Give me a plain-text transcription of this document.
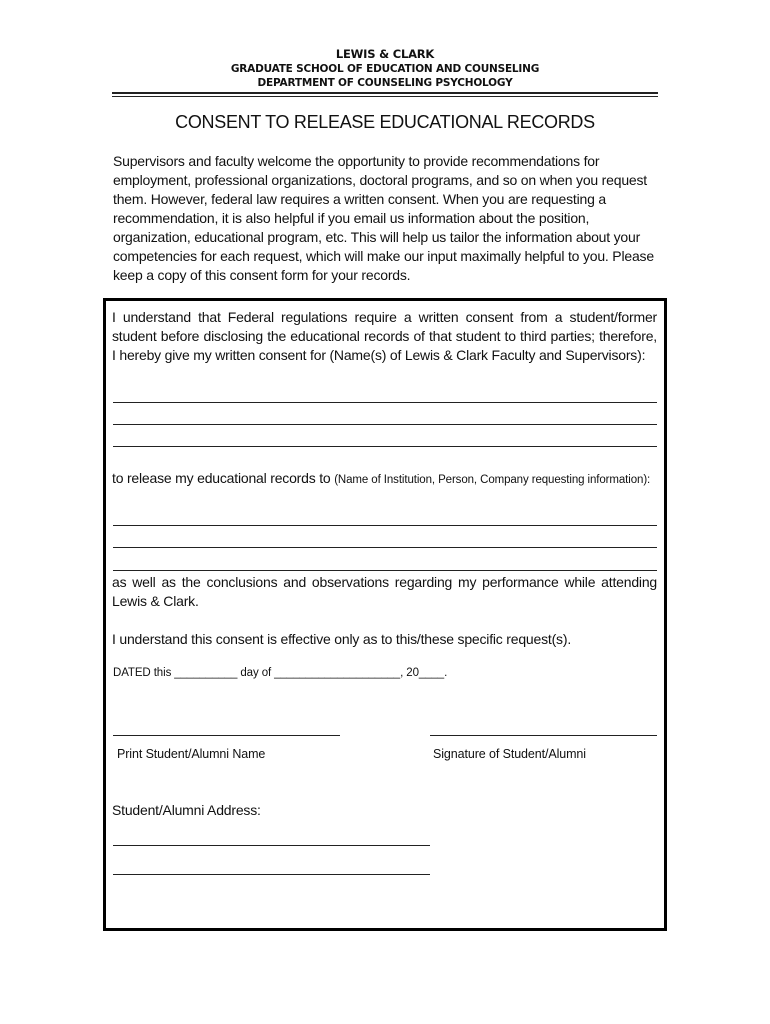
LEWIS & CLARK
GRADUATE SCHOOL OF EDUCATION AND COUNSELING
DEPARTMENT OF COUNSELING PSYCHOLOGY
CONSENT TO RELEASE EDUCATIONAL RECORDS
Supervisors and faculty welcome the opportunity to provide recommendations for employment, professional organizations, doctoral programs, and so on when you request them. However, federal law requires a written consent. When you are requesting a recommendation, it is also helpful if you email us information about the position, organization, educational program, etc. This will help us tailor the information about your competencies for each request, which will make our input maximally helpful to you. Please keep a copy of this consent form for your records.
I understand that Federal regulations require a written consent from a student/former student before disclosing the educational records of that student to third parties; therefore, I hereby give my written consent for (Name(s) of Lewis & Clark Faculty and Supervisors):
to release my educational records to (Name of Institution, Person, Company requesting information):
as well as the conclusions and observations regarding my performance while attending Lewis & Clark.
I understand this consent is effective only as to this/these specific request(s).
DATED this __________ day of ____________________, 20____.
Print Student/Alumni Name	Signature of Student/Alumni
Student/Alumni Address:
